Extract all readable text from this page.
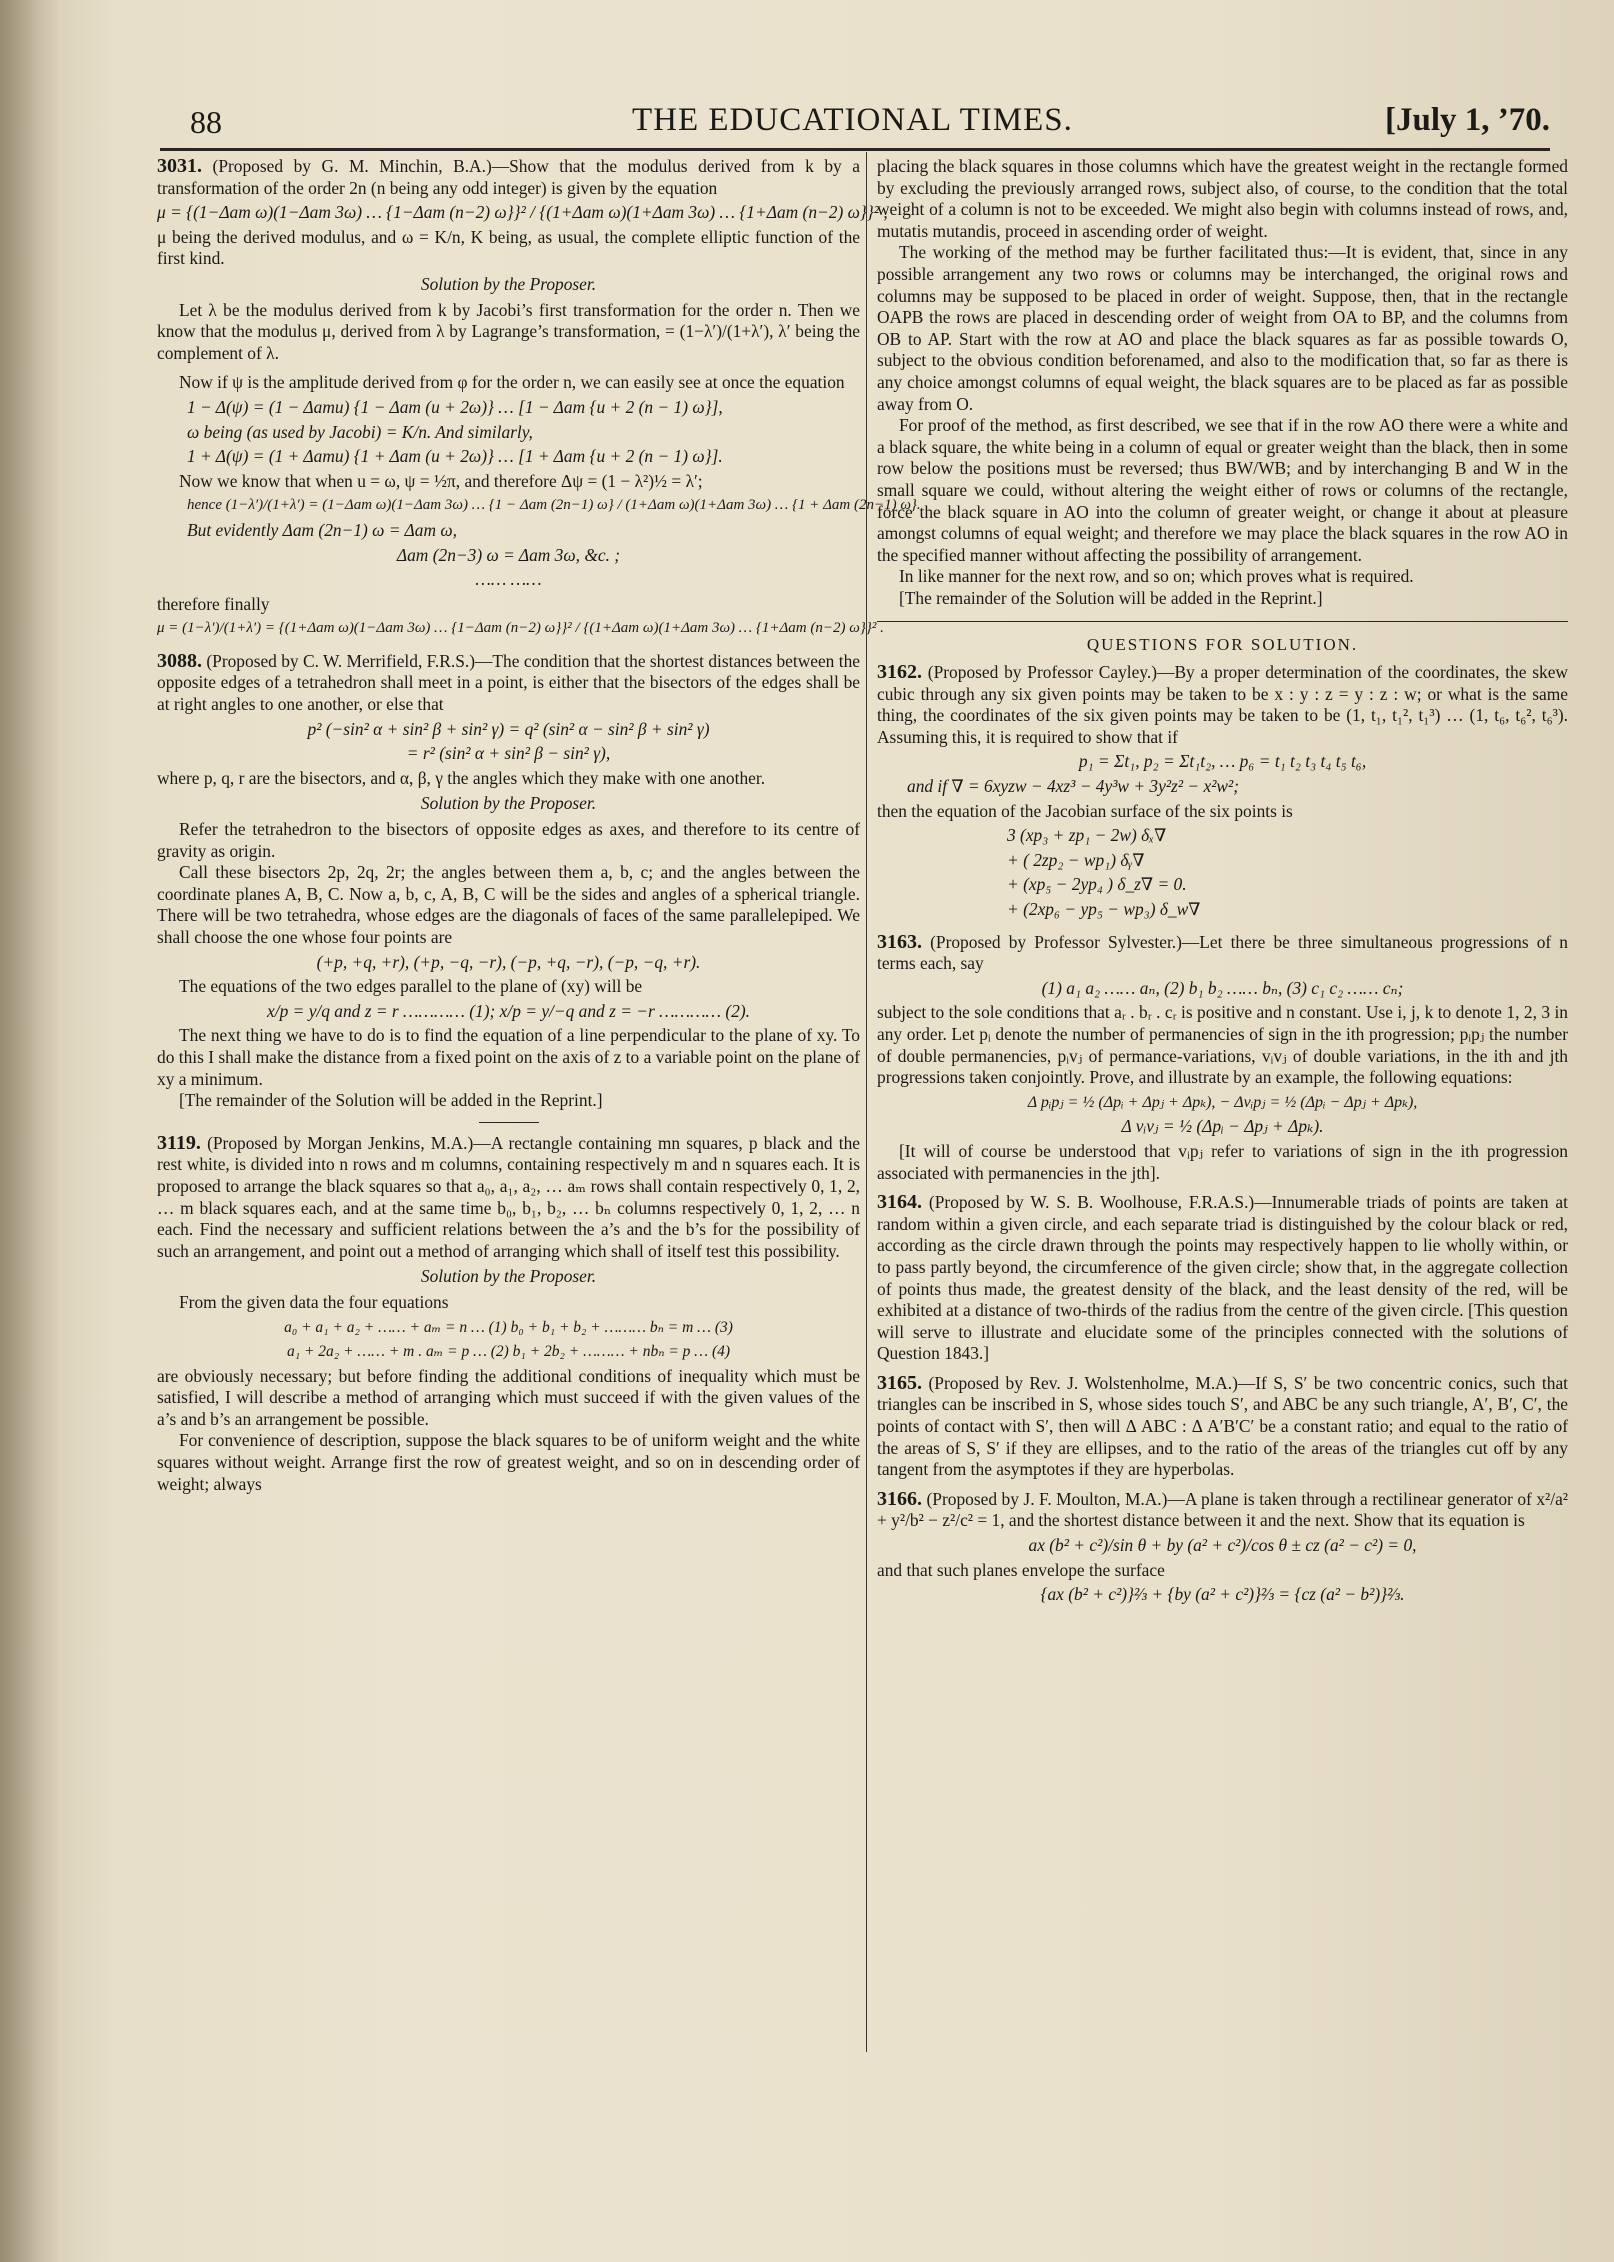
88	THE EDUCATIONAL TIMES.	[July 1, ’70.

3031. (Proposed by G. M. Minchin, B.A.)—Show that the modulus derived from k by a transformation of the order 2n (n being any odd integer) is given by the equation

μ = {(1−Δam ω)(1−Δam 3ω) … {1−Δam (n−2) ω}}² / {(1+Δam ω)(1+Δam 3ω) … {1+Δam (n−2) ω}}² ,

μ being the derived modulus, and ω = K/n, K being, as usual, the complete elliptic function of the first kind.

Solution by the Proposer.

Let λ be the modulus derived from k by Jacobi’s first transformation for the order n. Then we know that the modulus μ, derived from λ by Lagrange’s transformation, = (1−λ′)/(1+λ′), λ′ being the complement of λ.

Now if ψ is the amplitude derived from φ for the order n, we can easily see at once the equation

1 − Δ(ψ) = (1 − Δamu) {1 − Δam (u + 2ω)} … [1 − Δam {u + 2 (n − 1) ω}],
ω being (as used by Jacobi) = K/n. And similarly,
1 + Δ(ψ) = (1 + Δamu) {1 + Δam (u + 2ω)} … [1 + Δam {u + 2 (n − 1) ω}].

Now we know that when u = ω, ψ = ½π, and therefore Δψ = (1 − λ²)½ = λ′;

hence (1−λ′)/(1+λ′) = (1−Δam ω)(1−Δam 3ω) … {1 − Δam (2n−1) ω} / (1+Δam ω)(1+Δam 3ω) … {1 + Δam (2n−1) ω}.
But evidently Δam (2n−1) ω = Δam ω,
Δam (2n−3) ω = Δam 3ω, &c. ;
…… ……

therefore finally

μ = (1−λ′)/(1+λ′) = {(1+Δam ω)(1−Δam 3ω) … {1−Δam (n−2) ω}}² / {(1+Δam ω)(1+Δam 3ω) … {1+Δam (n−2) ω}}² .

3088. (Proposed by C. W. Merrifield, F.R.S.)—The condition that the shortest distances between the opposite edges of a tetrahedron shall meet in a point, is either that the bisectors of the edges shall be at right angles to one another, or else that

p² (−sin² α + sin² β + sin² γ) = q² (sin² α − sin² β + sin² γ)
= r² (sin² α + sin² β − sin² γ),

where p, q, r are the bisectors, and α, β, γ the angles which they make with one another.

Solution by the Proposer.

Refer the tetrahedron to the bisectors of opposite edges as axes, and therefore to its centre of gravity as origin.

Call these bisectors 2p, 2q, 2r; the angles between them a, b, c; and the angles between the coordinate planes A, B, C. Now a, b, c, A, B, C will be the sides and angles of a spherical triangle. There will be two tetrahedra, whose edges are the diagonals of faces of the same parallelepiped. We shall choose the one whose four points are

(+p, +q, +r), (+p, −q, −r), (−p, +q, −r), (−p, −q, +r).

The equations of the two edges parallel to the plane of (xy) will be

x/p = y/q and z = r ………… (1); x/p = y/−q and z = −r ………… (2).

The next thing we have to do is to find the equation of a line perpendicular to the plane of xy. To do this I shall make the distance from a fixed point on the axis of z to a variable point on the plane of xy a minimum.

[The remainder of the Solution will be added in the Reprint.]

3119. (Proposed by Morgan Jenkins, M.A.)—A rectangle containing mn squares, p black and the rest white, is divided into n rows and m columns, containing respectively m and n squares each. It is proposed to arrange the black squares so that a₀, a₁, a₂, … aₘ rows shall contain respectively 0, 1, 2, … m black squares each, and at the same time b₀, b₁, b₂, … bₙ columns respectively 0, 1, 2, … n each. Find the necessary and sufficient relations between the a’s and the b’s for the possibility of such an arrangement, and point out a method of arranging which shall of itself test this possibility.

Solution by the Proposer.

From the given data the four equations

a₀ + a₁ + a₂ + …… + aₘ = n … (1) b₀ + b₁ + b₂ + ……… bₙ = m … (3)
a₁ + 2a₂ + …… + m . aₘ = p … (2) b₁ + 2b₂ + ……… + nbₙ = p … (4)

are obviously necessary; but before finding the additional conditions of inequality which must be satisfied, I will describe a method of arranging which must succeed if with the given values of the a’s and b’s an arrangement be possible.

For convenience of description, suppose the black squares to be of uniform weight and the white squares without weight. Arrange first the row of greatest weight, and so on in descending order of weight; always

placing the black squares in those columns which have the greatest weight in the rectangle formed by excluding the previously arranged rows, subject also, of course, to the condition that the total weight of a column is not to be exceeded. We might also begin with columns instead of rows, and, mutatis mutandis, proceed in ascending order of weight.

The working of the method may be further facilitated thus:—It is evident, that, since in any possible arrangement any two rows or columns may be interchanged, the original rows and columns may be supposed to be placed in order of weight. Suppose, then, that in the rectangle OAPB the rows are placed in descending order of weight from OA to BP, and the columns from OB to AP. Start with the row at AO and place the black squares as far as possible towards O, subject to the obvious condition beforenamed, and also to the modification that, so far as there is any choice amongst columns of equal weight, the black squares are to be placed as far as possible away from O.

For proof of the method, as first described, we see that if in the row AO there were a white and a black square, the white being in a column of equal or greater weight than the black, then in some row below the positions must be reversed; thus BW/WB; and by interchanging B and W in the small square we could, without altering the weight either of rows or columns of the rectangle, force the black square in AO into the column of greater weight, or change it about at pleasure amongst columns of equal weight; and therefore we may place the black squares in the row AO in the specified manner without affecting the possibility of arrangement.

In like manner for the next row, and so on; which proves what is required.

[The remainder of the Solution will be added in the Reprint.]

QUESTIONS FOR SOLUTION.

3162. (Proposed by Professor Cayley.)—By a proper determination of the coordinates, the skew cubic through any six given points may be taken to be x : y : z = y : z : w; or what is the same thing, the coordinates of the six given points may be taken to be (1, t₁, t₁², t₁³) … (1, t₆, t₆², t₆³). Assuming this, it is required to show that if

p₁ = Σt₁, p₂ = Σt₁t₂, … p₆ = t₁ t₂ t₃ t₄ t₅ t₆,
and if ∇ = 6xyzw − 4xz³ − 4y³w + 3y²z² − x²w²;

then the equation of the Jacobian surface of the six points is

3 (xp₃ + zp₁ − 2w) δₓ∇
+ ( 2zp₂ − wp₁) δᵧ∇
+ (xp₅ − 2yp₄ ) δ_z∇ = 0.
+ (2xp₆ − yp₅ − wp₃) δ_w∇

3163. (Proposed by Professor Sylvester.)—Let there be three simultaneous progressions of n terms each, say

(1) a₁ a₂ …… aₙ, (2) b₁ b₂ …… bₙ, (3) c₁ c₂ …… cₙ;

subject to the sole conditions that aᵣ . bᵣ . cᵣ is positive and n constant. Use i, j, k to denote 1, 2, 3 in any order. Let pᵢ denote the number of permanencies of sign in the ith progression; pᵢpⱼ the number of double permanencies, pᵢvⱼ of permance-variations, vᵢvⱼ of double variations, in the ith and jth progressions taken conjointly. Prove, and illustrate by an example, the following equations:

Δ pᵢpⱼ = ½ (Δpᵢ + Δpⱼ + Δpₖ), − Δvᵢpⱼ = ½ (Δpᵢ − Δpⱼ + Δpₖ),
Δ vᵢvⱼ = ½ (Δpᵢ − Δpⱼ + Δpₖ).

[It will of course be understood that vᵢpⱼ refer to variations of sign in the ith progression associated with permanencies in the jth].

3164. (Proposed by W. S. B. Woolhouse, F.R.A.S.)—Innumerable triads of points are taken at random within a given circle, and each separate triad is distinguished by the colour black or red, according as the circle drawn through the points may respectively happen to lie wholly within, or to pass partly beyond, the circumference of the given circle; show that, in the aggregate collection of points thus made, the greatest density of the black, and the least density of the red, will be exhibited at a distance of two-thirds of the radius from the centre of the given circle. [This question will serve to illustrate and elucidate some of the principles connected with the solutions of Question 1843.]

3165. (Proposed by Rev. J. Wolstenholme, M.A.)—If S, S′ be two concentric conics, such that triangles can be inscribed in S, whose sides touch S′, and ABC be any such triangle, A′, B′, C′, the points of contact with S′, then will Δ ABC : Δ A′B′C′ be a constant ratio; and equal to the ratio of the areas of S, S′ if they are ellipses, and to the ratio of the areas of the triangles cut off by any tangent from the asymptotes if they are hyperbolas.

3166. (Proposed by J. F. Moulton, M.A.)—A plane is taken through a rectilinear generator of x²/a² + y²/b² − z²/c² = 1, and the shortest distance between it and the next. Show that its equation is

ax (b² + c²)/sin θ + by (a² + c²)/cos θ ± cz (a² − c²) = 0,

and that such planes envelope the surface

{ax (b² + c²)}⅔ + {by (a² + c²)}⅔ = {cz (a² − b²)}⅔.
